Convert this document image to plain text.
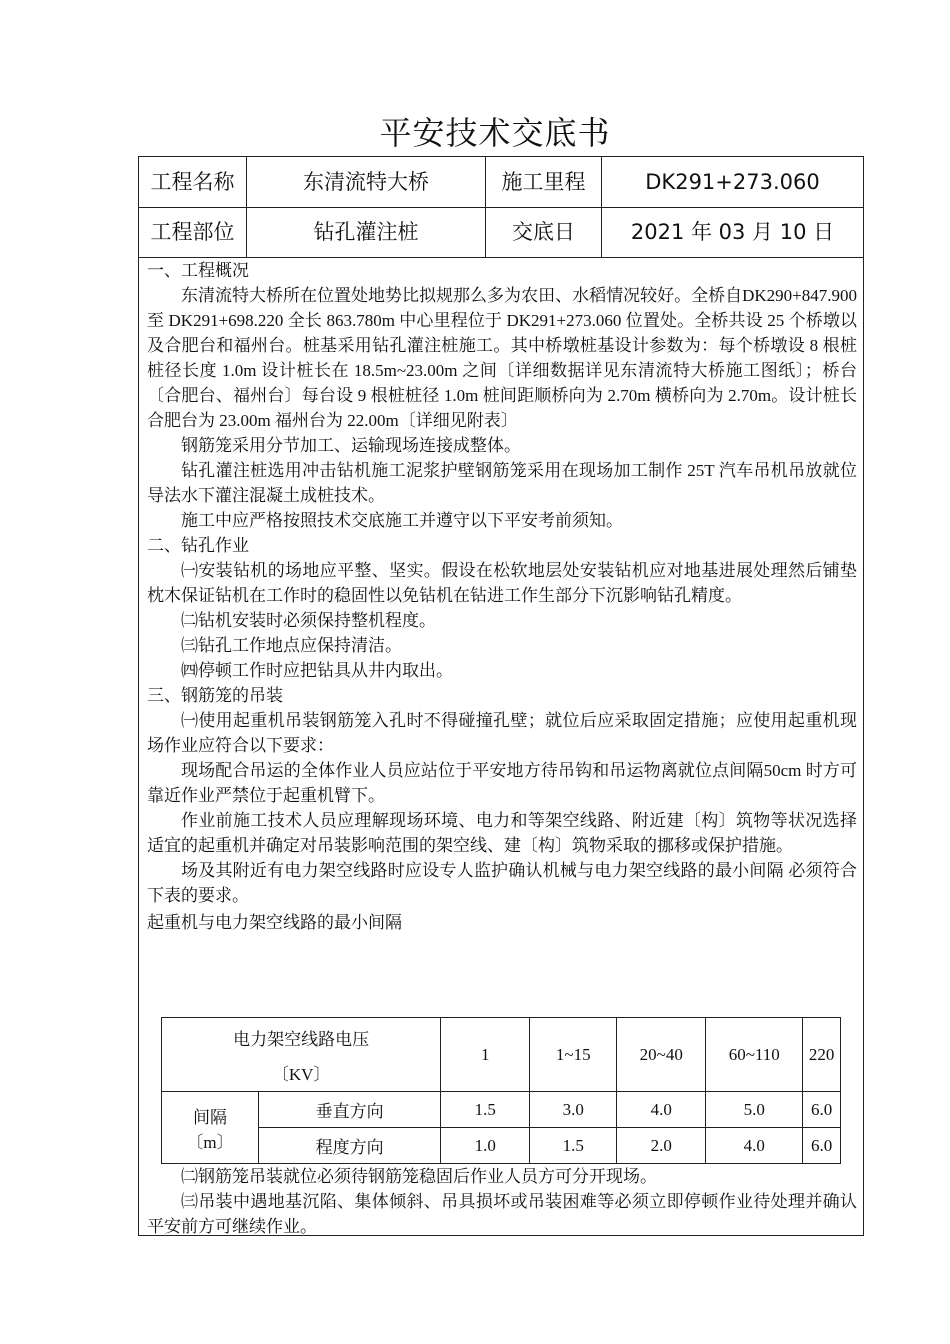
平安技术交底书
工程名称	东清流特大桥	施工里程	DK291+273.060
工程部位	钻孔灌注桩	交底日	2021 年 03 月 10 日

一、工程概况

东清流特大桥所在位置处地势比拟规那么多为农田、水稻情况较好。全桥自DK290+847.900 至 DK291+698.220 全长 863.780m 中心里程位于 DK291+273.060 位置处。全桥共设 25 个桥墩以及合肥台和福州台。桩基采用钻孔灌注桩施工。其中桥墩桩基设计参数为：每个桥墩设 8 根桩桩径长度 1.0m 设计桩长在 18.5m~23.00m 之间〔详细数据详见东清流特大桥施工图纸〕；桥台〔合肥台、福州台〕每台设 9 根桩桩径 1.0m 桩间距顺桥向为 2.70m 横桥向为 2.70m。设计桩长合肥台为 23.00m 福州台为 22.00m〔详细见附表〕

钢筋笼采用分节加工、运输现场连接成整体。

钻孔灌注桩选用冲击钻机施工泥浆护壁钢筋笼采用在现场加工制作 25T 汽车吊机吊放就位导法水下灌注混凝土成桩技术。

施工中应严格按照技术交底施工并遵守以下平安考前须知。

二、钻孔作业

㈠安装钻机的场地应平整、坚实。假设在松软地层处安装钻机应对地基进展处理然后铺垫枕木保证钻机在工作时的稳固性以免钻机在钻进工作生部分下沉影响钻孔精度。

㈡钻机安装时必须保持整机程度。

㈢钻孔工作地点应保持清洁。

㈣停顿工作时应把钻具从井内取出。

三、钢筋笼的吊装

㈠使用起重机吊装钢筋笼入孔时不得碰撞孔壁；就位后应采取固定措施；应使用起重机现场作业应符合以下要求：

现场配合吊运的全体作业人员应站位于平安地方待吊钩和吊运物离就位点间隔50cm 时方可靠近作业严禁位于起重机臂下。

作业前施工技术人员应理解现场环境、电力和等架空线路、附近建〔构〕筑物等状况选择适宜的起重机并确定对吊装影响范围的架空线、建〔构〕筑物采取的挪移或保护措施。

场及其附近有电力架空线路时应设专人监护确认机械与电力架空线路的最小间隔 必须符合下表的要求。

起重机与电力架空线路的最小间隔

电力架空线路电压
〔KV〕		1	1~15	20~40	60~110	220

间隔
〔m〕	垂直方向	1.5	3.0	4.0	5.0	6.0
	程度方向	1.0	1.5	2.0	4.0	6.0

㈡钢筋笼吊装就位必须待钢筋笼稳固后作业人员方可分开现场。

㈢吊装中遇地基沉陷、集体倾斜、吊具损坏或吊装困难等必须立即停顿作业待处理并确认平安前方可继续作业。
